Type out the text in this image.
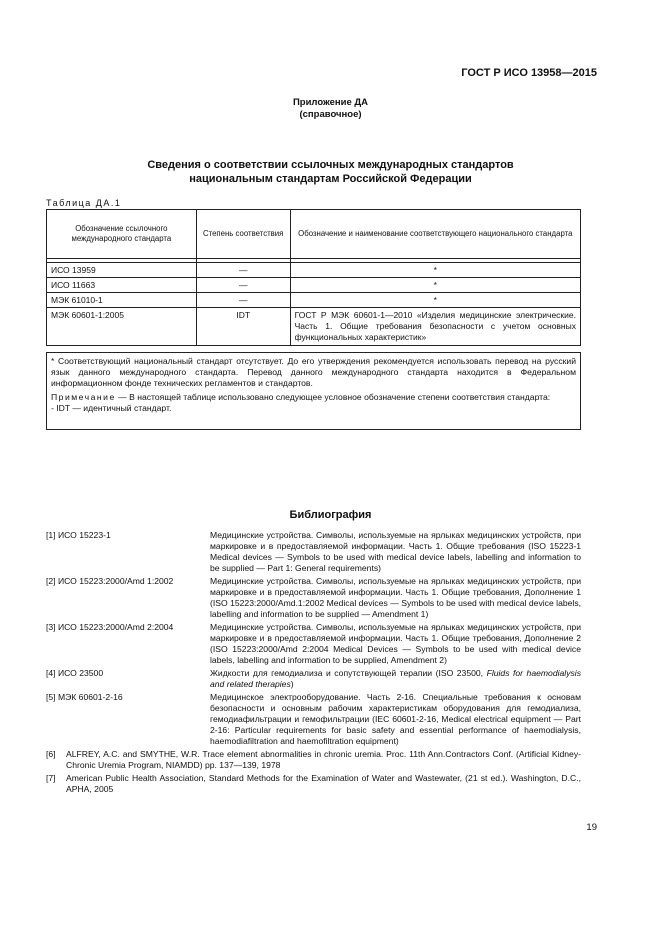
ГОСТ Р ИСО 13958—2015
Приложение ДА
(справочное)
Сведения о соответствии ссылочных международных стандартов
национальным стандартам Российской Федерации
Таблица ДА.1
Обозначение ссылочного международного стандарта	Степень соответствия	Обозначение и наименование соответствующего национального стандарта

ИСО 13959	—	*
ИСО 11663	—	*
МЭК 61010-1	—	*
МЭК 60601-1:2005	IDT	ГОСТ Р МЭК 60601-1—2010 «Изделия медицинские электрические. Часть 1. Общие требования безопасности с учетом основных функциональных характеристик»

* Соответствующий национальный стандарт отсутствует. До его утверждения рекомендуется использовать перевод на русский язык данного международного стандарта. Перевод данного международного стандарта находится в Федеральном информационном фонде технических регламентов и стандартов.

Примечание — В настоящей таблице использовано следующее условное обозначение степени соответствия стандарта:

- IDT — идентичный стандарт.

Библиография
[1] ИСО 15223-1	Медицинские устройства. Символы, используемые на ярлыках медицинских устройств, при маркировке и в предоставляемой информации. Часть 1. Общие требования (ISO 15223-1 Medical devices — Symbols to be used with medical device labels, labelling and information to be supplied — Part 1: General requirements)
[2] ИСО 15223:2000/Amd 1:2002	Медицинские устройства. Символы, используемые на ярлыках медицинских устройств, при маркировке и в предоставляемой информации. Часть 1. Общие требования, Дополнение 1 (ISO 15223:2000/Amd.1:2002 Medical devices — Symbols to be used with medical device labels, labelling and information to be supplied — Amendment 1)
[3] ИСО 15223:2000/Amd 2:2004	Медицинские устройства. Символы, используемые на ярлыках медицинских устройств, при маркировке и в предоставляемой информации. Часть 1. Общие требования, Дополнение 2 (ISO 15223:2000/Amd 2:2004 Medical Devices — Symbols to be used with medical device labels, labelling and information to be supplied, Amendment 2)
[4] ИСО 23500	Жидкости для гемодиализа и сопутствующей терапии (ISO 23500, Fluids for haemodialysis and related therapies)
[5] МЭК 60601-2-16	Медицинское электрооборудование. Часть 2-16. Специальные требования к основам безопасности и основным рабочим характеристикам оборудования для гемодиализа, гемодиафильтрации и гемофильтрации (IEC 60601-2-16, Medical electrical equipment — Part 2-16: Particular requirements for basic safety and essential performance of haemodialysis, haemodiafiltration and haemofiltration equipment)
[6]	ALFREY, A.C. and SMYTHE, W.R. Trace element abnormalities in chronic uremia. Proc. 11th Ann.Contractors Conf. (Artificial Kidney-Chronic Uremia Program, NIAMDD) pp. 137—139, 1978
[7]	American Public Health Association, Standard Methods for the Examination of Water and Wastewater, (21 st ed.). Washington, D.C., APHA, 2005
19
